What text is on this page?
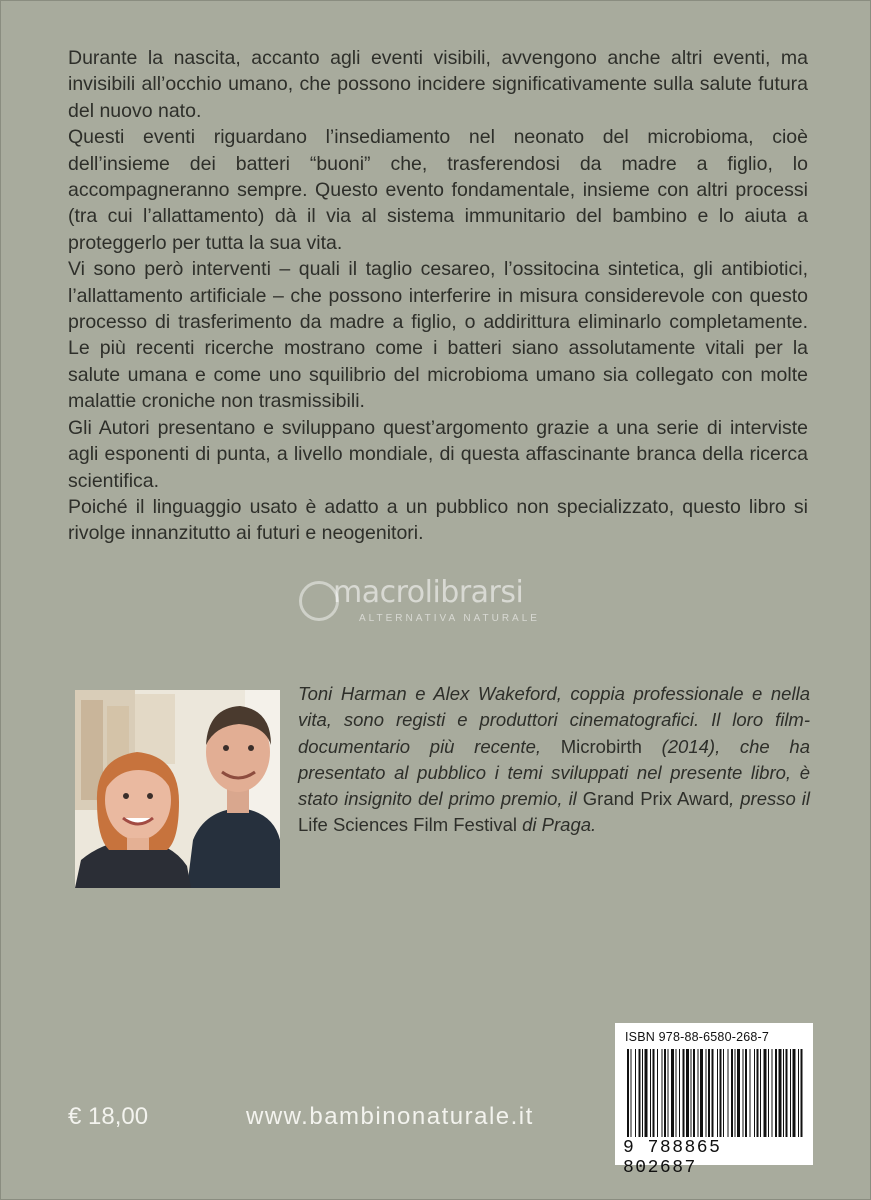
Durante la nascita, accanto agli eventi visibili, avvengono anche altri eventi, ma invisibili all’occhio umano, che possono incidere significativamente sulla salute futura del nuovo nato.

Questi eventi riguardano l’insediamento nel neonato del microbioma, cioè dell’insieme dei batteri “buoni” che, trasferendosi da madre a figlio, lo accompagneranno sempre. Questo evento fondamentale, insieme con altri processi (tra cui l’allattamento) dà il via al sistema immunitario del bambino e lo aiuta a proteggerlo per tutta la sua vita.

Vi sono però interventi – quali il taglio cesareo, l’ossitocina sintetica, gli antibiotici, l’allattamento artificiale – che possono interferire in misura considerevole con questo processo di trasferimento da madre a figlio, o addirittura eliminarlo completamente. Le più recenti ricerche mostrano come i batteri siano assolutamente vitali per la salute umana e come uno squilibrio del microbioma umano sia collegato con molte malattie croniche non trasmissibili.

Gli Autori presentano e sviluppano quest’argomento grazie a una serie di interviste agli esponenti di punta, a livello mondiale, di questa affascinante branca della ricerca scientifica.

Poiché il linguaggio usato è adatto a un pubblico non specializzato, questo libro si rivolge innanzitutto ai futuri e neogenitori.

macrolibrarsi
ALTERNATIVA NATURALE
Toni Harman e Alex Wakeford, coppia professionale e nella vita, sono registi e produttori cinematografici. Il loro film-documentario più recente, Microbirth (2014), che ha presentato al pubblico i temi sviluppati nel presente libro, è stato insignito del primo premio, il Grand Prix Award, presso il Life Sciences Film Festival di Praga.
ISBN 978-88-6580-268-7
9 788865 802687
€ 18,00	www.bambinonaturale.it
